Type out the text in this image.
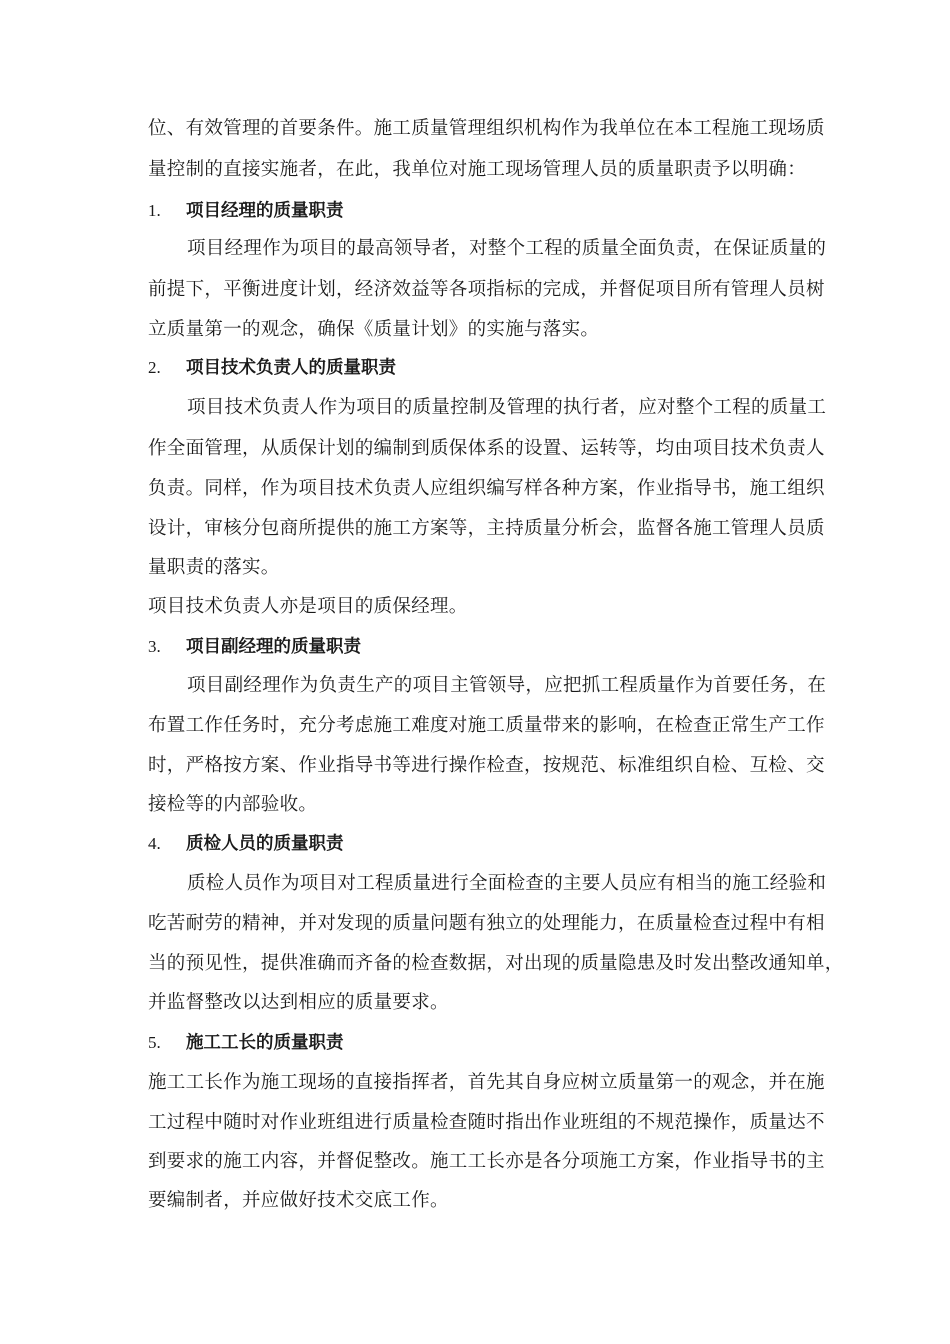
位、有效管理的首要条件。施工质量管理组织机构作为我单位在本工程施工现场质

量控制的直接实施者，在此，我单位对施工现场管理人员的质量职责予以明确：

1. 项目经理的质量职责

项目经理作为项目的最高领导者，对整个工程的质量全面负责，在保证质量的

前提下，平衡进度计划，经济效益等各项指标的完成，并督促项目所有管理人员树

立质量第一的观念，确保《质量计划》的实施与落实。

2. 项目技术负责人的质量职责

项目技术负责人作为项目的质量控制及管理的执行者，应对整个工程的质量工

作全面管理，从质保计划的编制到质保体系的设置、运转等，均由项目技术负责人

负责。同样，作为项目技术负责人应组织编写样各种方案，作业指导书，施工组织

设计，审核分包商所提供的施工方案等，主持质量分析会，监督各施工管理人员质

量职责的落实。

项目技术负责人亦是项目的质保经理。

3. 项目副经理的质量职责

项目副经理作为负责生产的项目主管领导，应把抓工程质量作为首要任务，在

布置工作任务时，充分考虑施工难度对施工质量带来的影响，在检查正常生产工作

时，严格按方案、作业指导书等进行操作检查，按规范、标准组织自检、互检、交

接检等的内部验收。

4. 质检人员的质量职责

质检人员作为项目对工程质量进行全面检查的主要人员应有相当的施工经验和

吃苦耐劳的精神，并对发现的质量问题有独立的处理能力，在质量检查过程中有相

当的预见性，提供准确而齐备的检查数据，对出现的质量隐患及时发出整改通知单，

并监督整改以达到相应的质量要求。

5. 施工工长的质量职责

施工工长作为施工现场的直接指挥者，首先其自身应树立质量第一的观念，并在施

工过程中随时对作业班组进行质量检查随时指出作业班组的不规范操作，质量达不

到要求的施工内容，并督促整改。施工工长亦是各分项施工方案，作业指导书的主

要编制者，并应做好技术交底工作。
